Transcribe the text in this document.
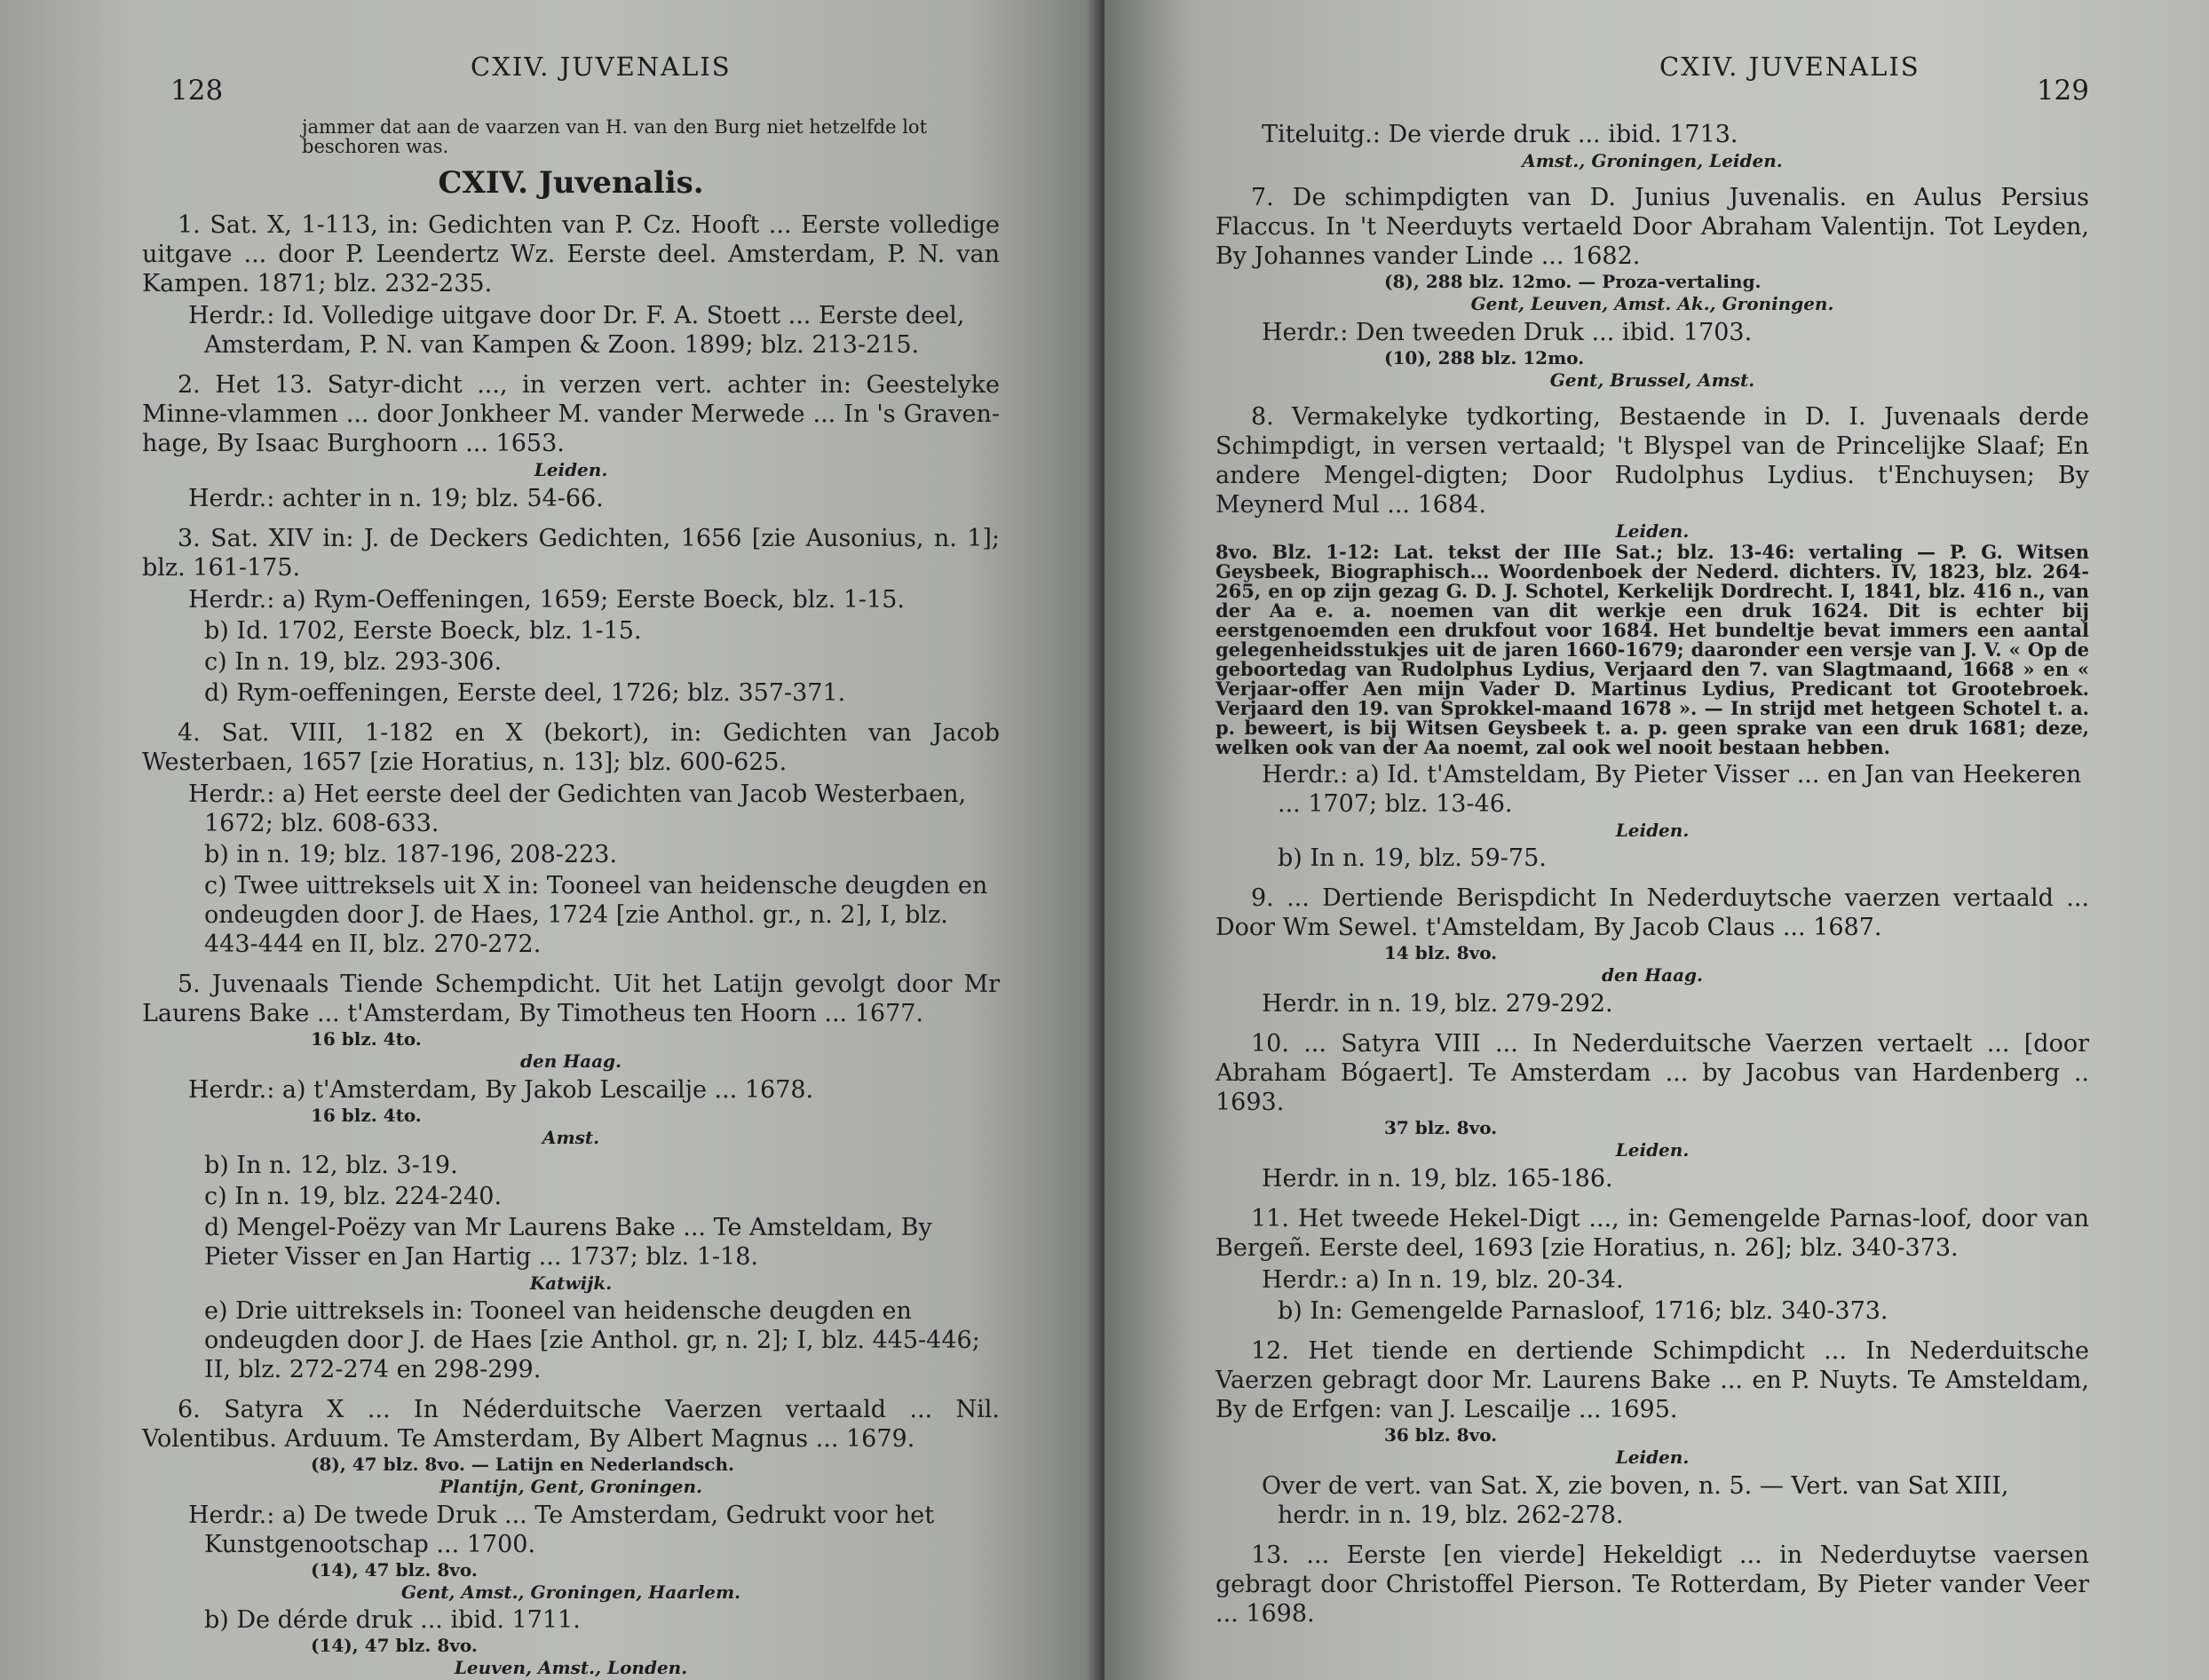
128
CXIV. JUVENALIS

jammer dat aan de vaarzen van H. van den Burg niet hetzelfde lot beschoren was.

CXIV. Juvenalis.

1. Sat. X, 1-113, in: Gedichten van P. Cz. Hooft ... Eerste volledige uitgave ... door P. Leendertz Wz. Eerste deel. Amsterdam, P. N. van Kampen. 1871; blz. 232-235.

Herdr.: Id. Volledige uitgave door Dr. F. A. Stoett ... Eerste deel, Amsterdam, P. N. van Kampen & Zoon. 1899; blz. 213-215.

2. Het 13. Satyr-dicht ..., in verzen vert. achter in: Geestelyke Minne-vlammen ... door Jonkheer M. vander Merwede ... In 's Graven-hage, By Isaac Burghoorn ... 1653.

Leiden.

Herdr.: achter in n. 19; blz. 54-66.

3. Sat. XIV in: J. de Deckers Gedichten, 1656 [zie Ausonius, n. 1]; blz. 161-175.

Herdr.: a) Rym-Oeffeningen, 1659; Eerste Boeck, blz. 1-15.

b) Id. 1702, Eerste Boeck, blz. 1-15.

c) In n. 19, blz. 293-306.

d) Rym-oeffeningen, Eerste deel, 1726; blz. 357-371.

4. Sat. VIII, 1-182 en X (bekort), in: Gedichten van Jacob Westerbaen, 1657 [zie Horatius, n. 13]; blz. 600-625.

Herdr.: a) Het eerste deel der Gedichten van Jacob Westerbaen, 1672; blz. 608-633.

b) in n. 19; blz. 187-196, 208-223.

c) Twee uittreksels uit X in: Tooneel van heidensche deugden en ondeugden door J. de Haes, 1724 [zie Anthol. gr., n. 2], I, blz. 443-444 en II, blz. 270-272.

5. Juvenaals Tiende Schempdicht. Uit het Latijn gevolgt door Mr Laurens Bake ... t'Amsterdam, By Timotheus ten Hoorn ... 1677.

16 blz. 4to.

den Haag.

Herdr.: a) t'Amsterdam, By Jakob Lescailje ... 1678.

16 blz. 4to.

Amst.

b) In n. 12, blz. 3-19.

c) In n. 19, blz. 224-240.

d) Mengel-Poëzy van Mr Laurens Bake ... Te Amsteldam, By Pieter Visser en Jan Hartig ... 1737; blz. 1-18.

Katwijk.

e) Drie uittreksels in: Tooneel van heidensche deugden en ondeugden door J. de Haes [zie Anthol. gr, n. 2]; I, blz. 445-446; II, blz. 272-274 en 298-299.

6. Satyra X ... In Néderduitsche Vaerzen vertaald ... Nil. Volentibus. Arduum. Te Amsterdam, By Albert Magnus ... 1679.

(8), 47 blz. 8vo. — Latijn en Nederlandsch.

Plantijn, Gent, Groningen.

Herdr.: a) De twede Druk ... Te Amsterdam, Gedrukt voor het Kunstgenootschap ... 1700.

(14), 47 blz. 8vo.

Gent, Amst., Groningen, Haarlem.

b) De dérde druk ... ibid. 1711.

(14), 47 blz. 8vo.

Leuven, Amst., Londen.

CXIV. JUVENALIS
129

Titeluitg.: De vierde druk ... ibid. 1713.

Amst., Groningen, Leiden.

7. De schimpdigten van D. Junius Juvenalis. en Aulus Persius Flaccus. In 't Neerduyts vertaeld Door Abraham Valentijn. Tot Leyden, By Johannes vander Linde ... 1682.

(8), 288 blz. 12mo. — Proza-vertaling.

Gent, Leuven, Amst. Ak., Groningen.

Herdr.: Den tweeden Druk ... ibid. 1703.

(10), 288 blz. 12mo.

Gent, Brussel, Amst.

8. Vermakelyke tydkorting, Bestaende in D. I. Juvenaals derde Schimpdigt, in versen vertaald; 't Blyspel van de Princelijke Slaaf; En andere Mengel-digten; Door Rudolphus Lydius. t'Enchuysen; By Meynerd Mul ... 1684.

Leiden.

8vo. Blz. 1-12: Lat. tekst der IIIe Sat.; blz. 13-46: vertaling — P. G. Witsen Geysbeek, Biographisch... Woordenboek der Nederd. dichters. IV, 1823, blz. 264-265, en op zijn gezag G. D. J. Schotel, Kerkelijk Dordrecht. I, 1841, blz. 416 n., van der Aa e. a. noemen van dit werkje een druk 1624. Dit is echter bij eerstgenoemden een drukfout voor 1684. Het bundeltje bevat immers een aantal gelegenheidsstukjes uit de jaren 1660-1679; daaronder een versje van J. V. « Op de geboortedag van Rudolphus Lydius, Verjaard den 7. van Slagtmaand, 1668 » en « Verjaar-offer Aen mijn Vader D. Martinus Lydius, Predicant tot Grootebroek. Verjaard den 19. van Sprokkel-maand 1678 ». — In strijd met hetgeen Schotel t. a. p. beweert, is bij Witsen Geysbeek t. a. p. geen sprake van een druk 1681; deze, welken ook van der Aa noemt, zal ook wel nooit bestaan hebben.

Herdr.: a) Id. t'Amsteldam, By Pieter Visser ... en Jan van Heekeren ... 1707; blz. 13-46.

Leiden.

b) In n. 19, blz. 59-75.

9. ... Dertiende Berispdicht In Nederduytsche vaerzen vertaald ... Door Wm Sewel. t'Amsteldam, By Jacob Claus ... 1687.

14 blz. 8vo.

den Haag.

Herdr. in n. 19, blz. 279-292.

10. ... Satyra VIII ... In Nederduitsche Vaerzen vertaelt ... [door Abraham Bógaert]. Te Amsterdam ... by Jacobus van Hardenberg .. 1693.

37 blz. 8vo.

Leiden.

Herdr. in n. 19, blz. 165-186.

11. Het tweede Hekel-Digt ..., in: Gemengelde Parnas-loof, door van Bergeñ. Eerste deel, 1693 [zie Horatius, n. 26]; blz. 340-373.

Herdr.: a) In n. 19, blz. 20-34.

b) In: Gemengelde Parnasloof, 1716; blz. 340-373.

12. Het tiende en dertiende Schimpdicht ... In Nederduitsche Vaerzen gebragt door Mr. Laurens Bake ... en P. Nuyts. Te Amsteldam, By de Erfgen: van J. Lescailje ... 1695.

36 blz. 8vo.

Leiden.

Over de vert. van Sat. X, zie boven, n. 5. — Vert. van Sat XIII, herdr. in n. 19, blz. 262-278.

13. ... Eerste [en vierde] Hekeldigt ... in Nederduytse vaersen gebragt door Christoffel Pierson. Te Rotterdam, By Pieter vander Veer ... 1698.
